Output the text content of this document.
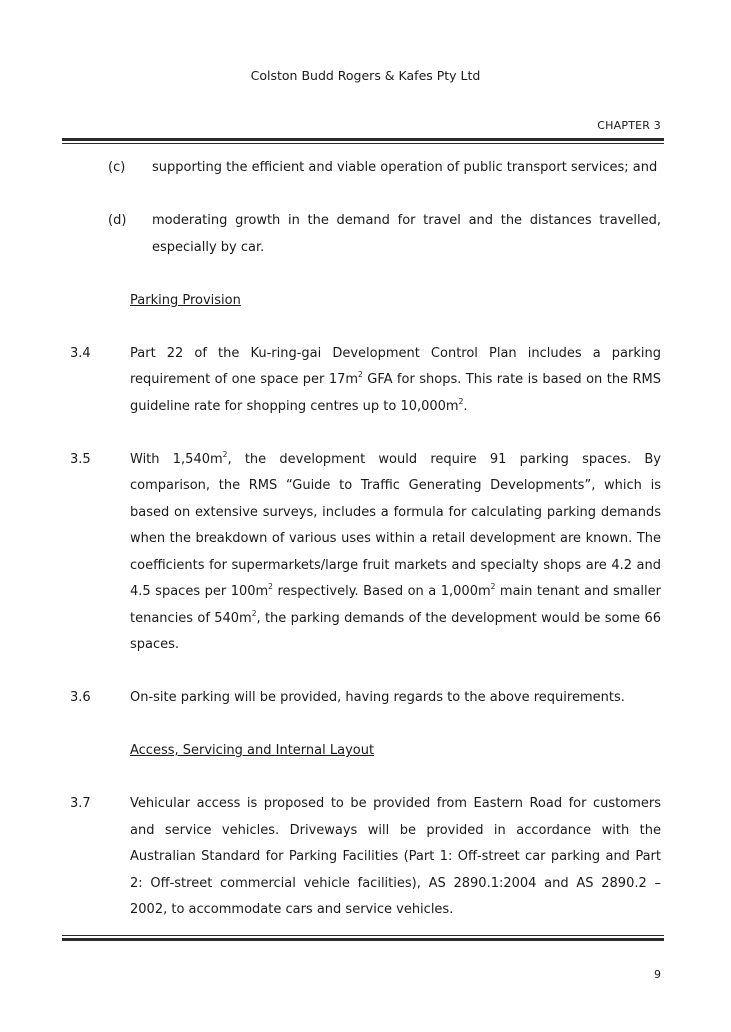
Colston Budd Rogers & Kafes Pty Ltd
CHAPTER 3
(c) supporting the efficient and viable operation of public transport services; and
(d) moderating growth in the demand for travel and the distances travelled, especially by car.
Parking Provision
3.4	Part 22 of the Ku-ring-gai Development Control Plan includes a parking requirement of one space per $17m^2$ GFA for shops. This rate is based on the RMS guideline rate for shopping centres up to $10,000m^2$.
3.5	With $1,540m^2$, the development would require 91 parking spaces. By comparison, the RMS “Guide to Traffic Generating Developments”, which is based on extensive surveys, includes a formula for calculating parking demands when the breakdown of various uses within a retail development are known. The coefficients for supermarkets/large fruit markets and specialty shops are 4.2 and 4.5 spaces per $100m^2$ respectively. Based on a $1,000m^2$ main tenant and smaller tenancies of $540m^2$, the parking demands of the development would be some 66 spaces.
3.6	On-site parking will be provided, having regards to the above requirements.
Access, Servicing and Internal Layout
3.7	Vehicular access is proposed to be provided from Eastern Road for customers and service vehicles. Driveways will be provided in accordance with the Australian Standard for Parking Facilities (Part 1: Off-street car parking and Part 2: Off-street commercial vehicle facilities), AS 2890.1:2004 and AS 2890.2 – 2002, to accommodate cars and service vehicles.
9
